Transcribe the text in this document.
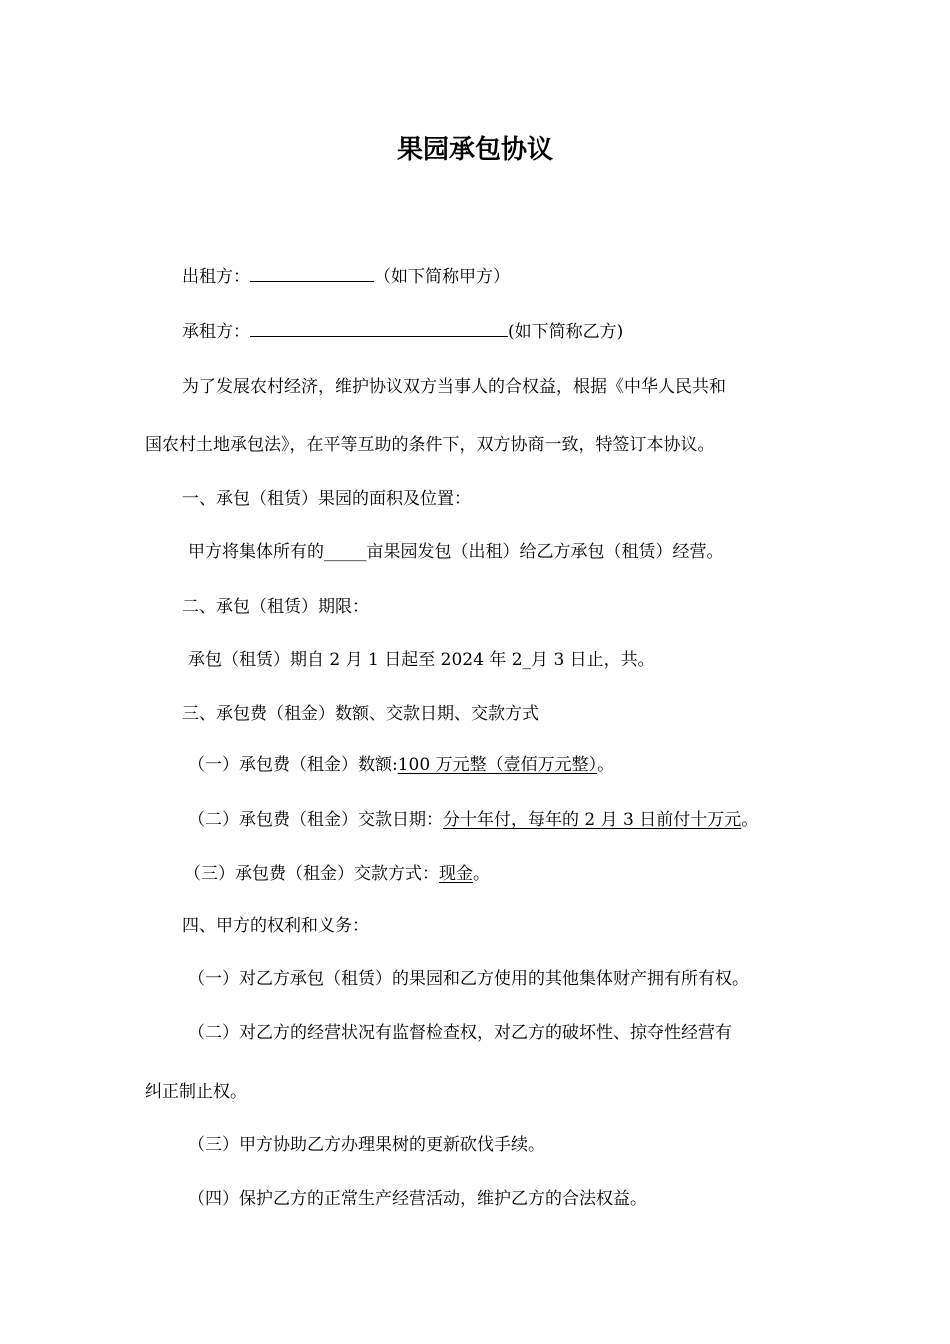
果园承包协议

出租方：	（如下简称甲方）

承租方：	(如下简称乙方)

为了发展农村经济，维护协议双方当事人的合权益，根据《中华人民共和

国农村土地承包法》，在平等互助的条件下，双方协商一致，特签订本协议。

一、承包（租赁）果园的面积及位置：

甲方将集体所有的_____亩果园发包（出租）给乙方承包（租赁）经营。

二、承包（租赁）期限：

承包（租赁）期自 2 月 1 日起至 2024 年 2_月 3 日止，共。

三、承包费（租金）数额、交款日期、交款方式

（一）承包费（租金）数额:100 万元整（壹佰万元整）。

（二）承包费（租金）交款日期：分十年付，每年的 2 月 3 日前付十万元。

（三）承包费（租金）交款方式：现金。

四、甲方的权利和义务：

（一）对乙方承包（租赁）的果园和乙方使用的其他集体财产拥有所有权。

（二）对乙方的经营状况有监督检查权，对乙方的破坏性、掠夺性经营有

纠正制止权。

（三）甲方协助乙方办理果树的更新砍伐手续。

（四）保护乙方的正常生产经营活动，维护乙方的合法权益。
